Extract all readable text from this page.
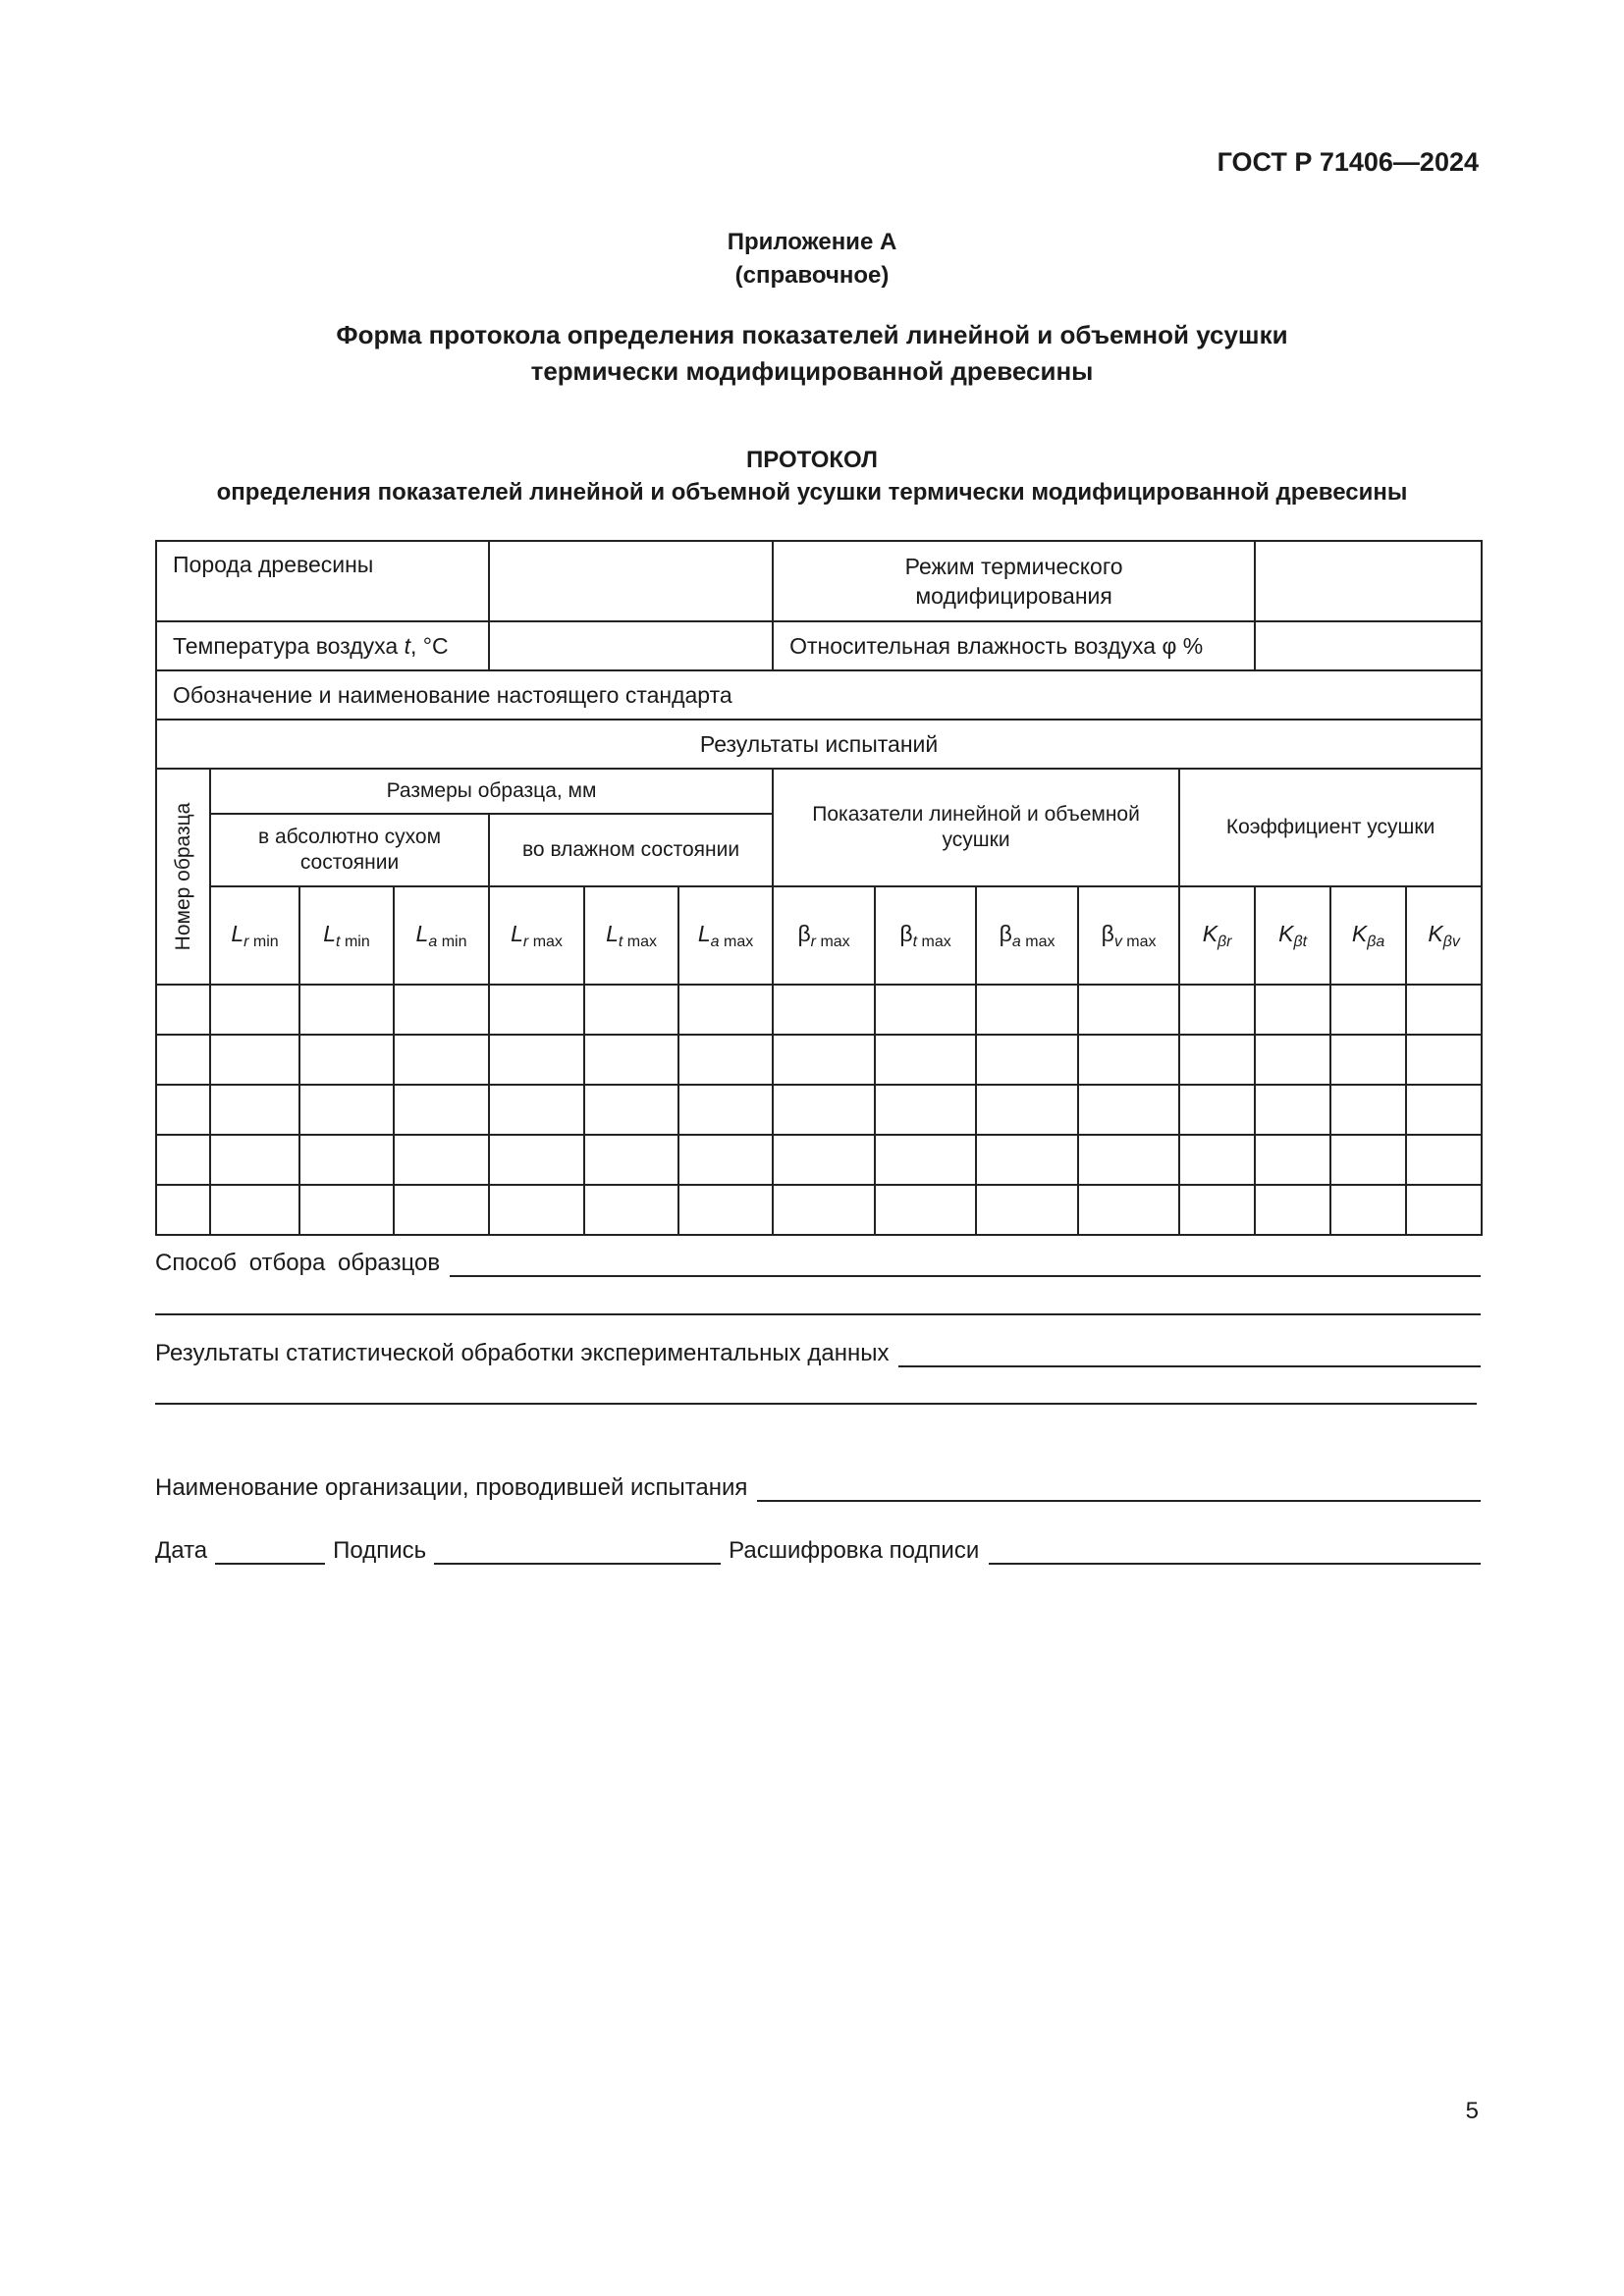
ГОСТ Р 71406—2024
Приложение А
(справочное)
Форма протокола определения показателей линейной и объемной усушки
термически модифицированной древесины
ПРОТОКОЛ
определения показателей линейной и объемной усушки термически модифицированной древесины
Порода древесины							Режим термического
модифицирования							

Температура воздуха t, °С							Относительная влажность воздуха φ %							
Обозначение и наименование настоящего стандарта														
Результаты испытаний														

Номер образца	Размеры образца, мм						Показатели линейной и объемной
усушки				Коэффициент усушки			

	в абсолютно сухом
состоянии			во влажном состоянии										
	$L_{r min}$	$L_{t min}$	$L_{a min}$	$L_{r max}$	$L_{t max}$	$L_{a max}$	$\beta_{r max}$	$\beta_{t max}$	$\beta_{a max}$	$\beta_{v max}$	$K_{\beta r}$	$K_{\beta t}$	$K_{\beta a}$	$K_{\beta v}$

Способ отбора образцов
Результаты статистической обработки экспериментальных данных
Наименование организации, проводившей испытания
Дата	Подпись	Расшифровка подписи
5
